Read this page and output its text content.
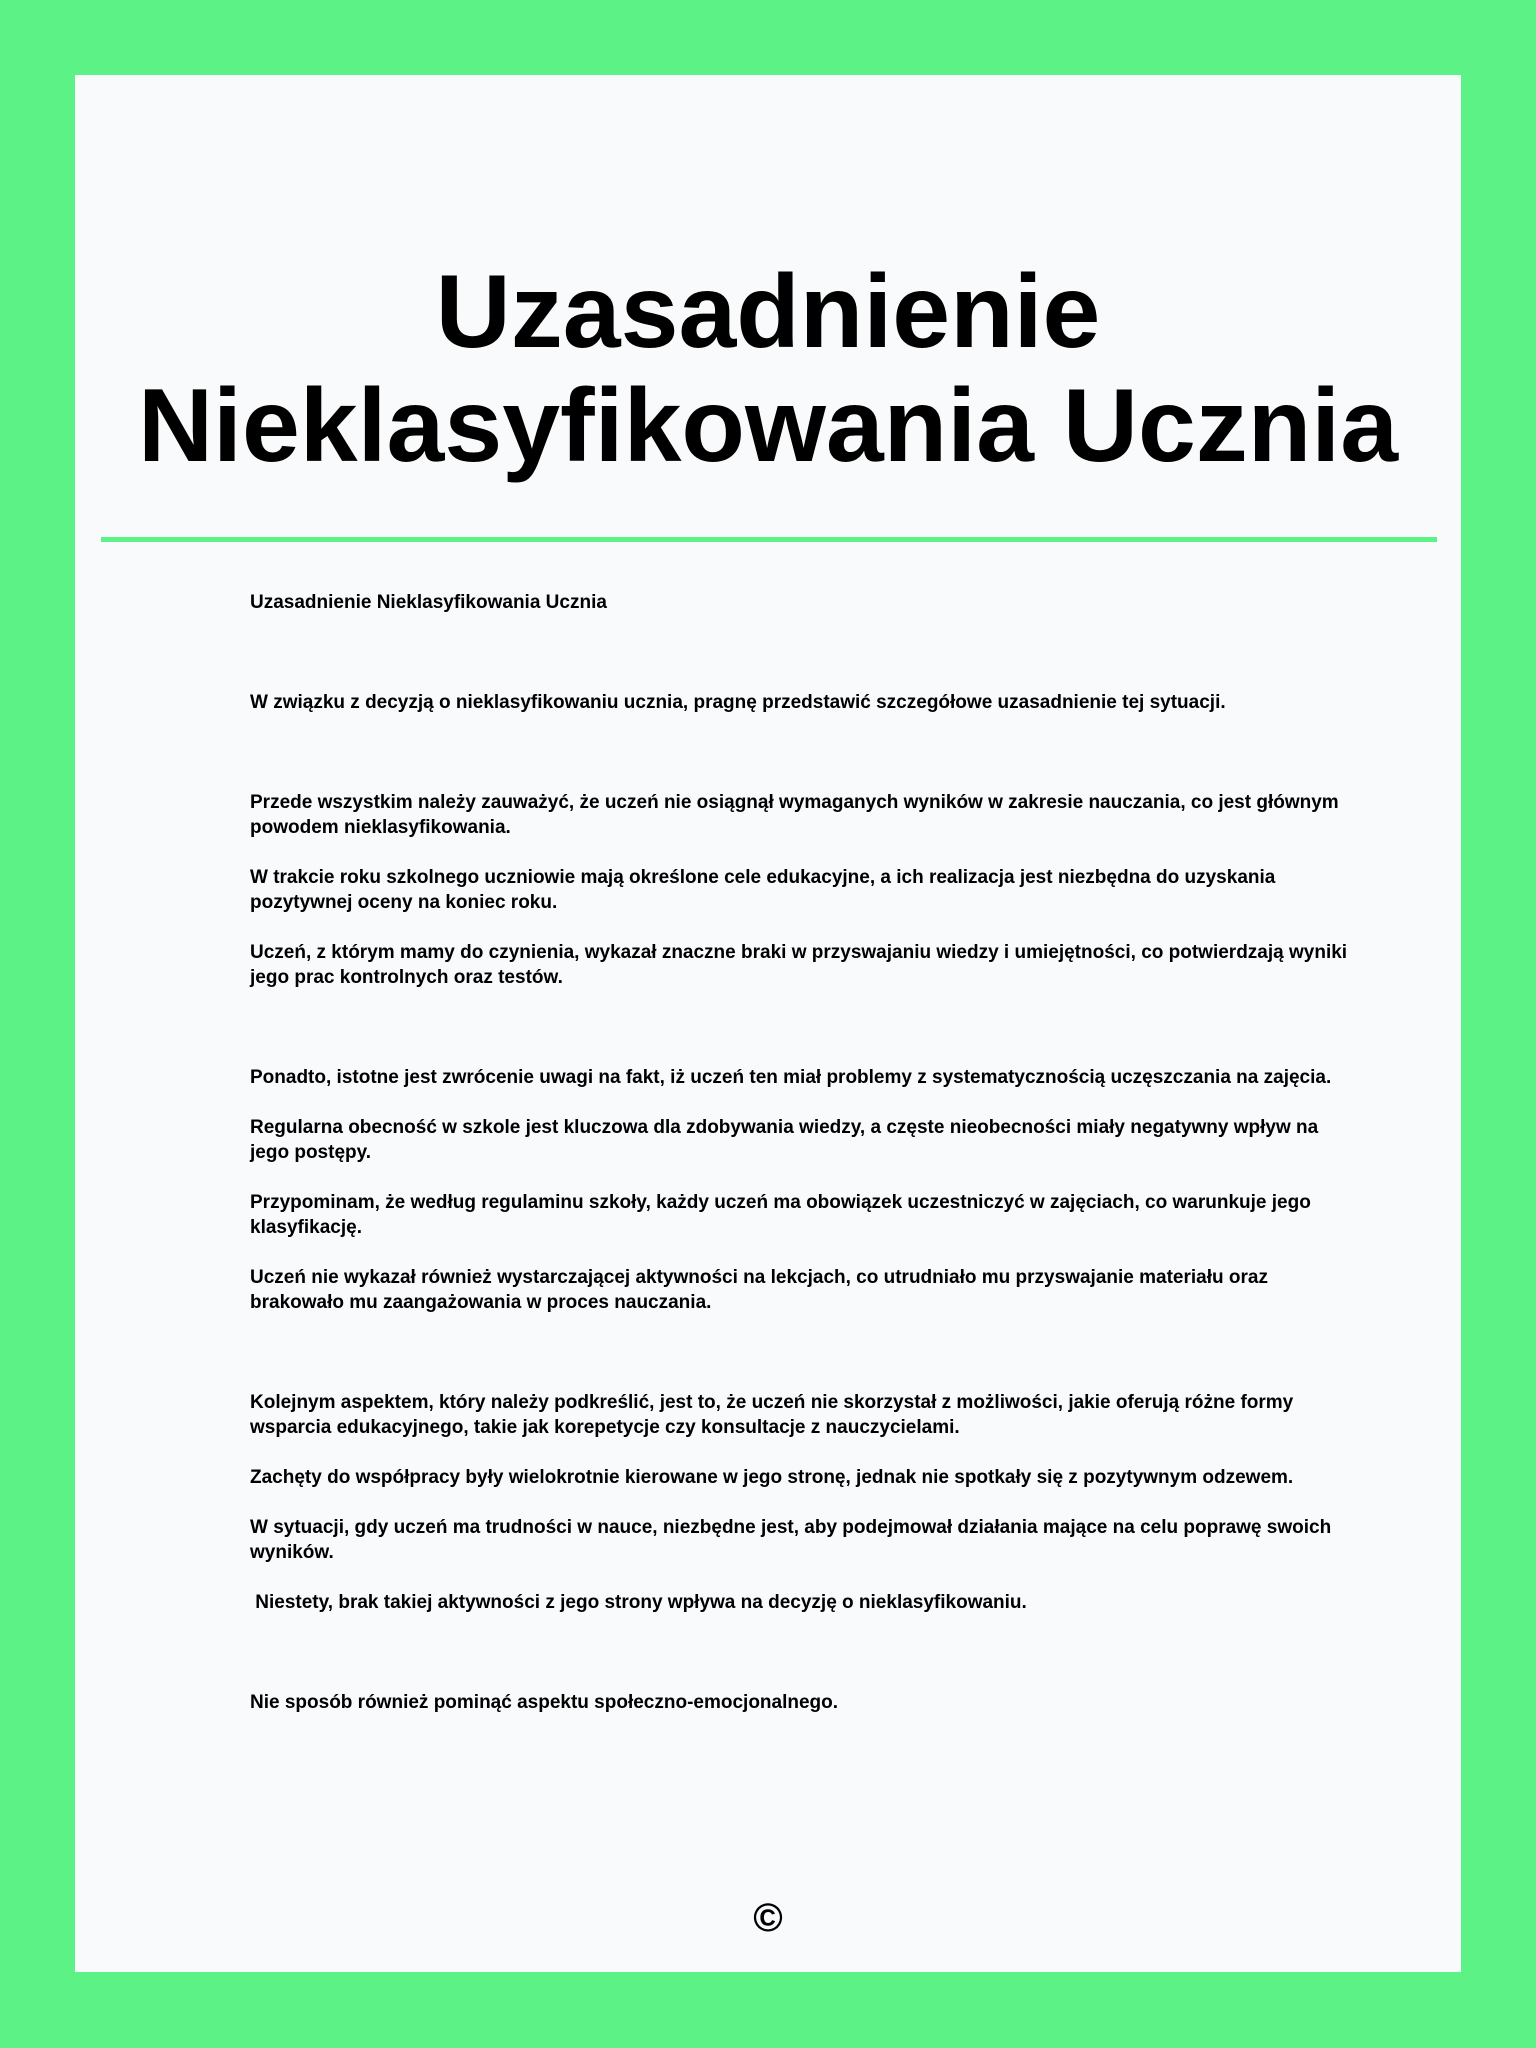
Uzasadnienie
Nieklasyfikowania Ucznia

Uzasadnienie Nieklasyfikowania Ucznia

W związku z decyzją o nieklasyfikowaniu ucznia, pragnę przedstawić szczegółowe uzasadnienie tej sytuacji.

Przede wszystkim należy zauważyć, że uczeń nie osiągnął wymaganych wyników w zakresie nauczania, co jest głównym powodem nieklasyfikowania.

W trakcie roku szkolnego uczniowie mają określone cele edukacyjne, a ich realizacja jest niezbędna do uzyskania pozytywnej oceny na koniec roku.

Uczeń, z którym mamy do czynienia, wykazał znaczne braki w przyswajaniu wiedzy i umiejętności, co potwierdzają wyniki jego prac kontrolnych oraz testów.

Ponadto, istotne jest zwrócenie uwagi na fakt, iż uczeń ten miał problemy z systematycznością uczęszczania na zajęcia.

Regularna obecność w szkole jest kluczowa dla zdobywania wiedzy, a częste nieobecności miały negatywny wpływ na jego postępy.

Przypominam, że według regulaminu szkoły, każdy uczeń ma obowiązek uczestniczyć w zajęciach, co warunkuje jego klasyfikację.

Uczeń nie wykazał również wystarczającej aktywności na lekcjach, co utrudniało mu przyswajanie materiału oraz brakowało mu zaangażowania w proces nauczania.

Kolejnym aspektem, który należy podkreślić, jest to, że uczeń nie skorzystał z możliwości, jakie oferują różne formy wsparcia edukacyjnego, takie jak korepetycje czy konsultacje z nauczycielami.

Zachęty do współpracy były wielokrotnie kierowane w jego stronę, jednak nie spotkały się z pozytywnym odzewem.

W sytuacji, gdy uczeń ma trudności w nauce, niezbędne jest, aby podejmował działania mające na celu poprawę swoich wyników.

Niestety, brak takiej aktywności z jego strony wpływa na decyzję o nieklasyfikowaniu.

Nie sposób również pominąć aspektu społeczno-emocjonalnego.

©
